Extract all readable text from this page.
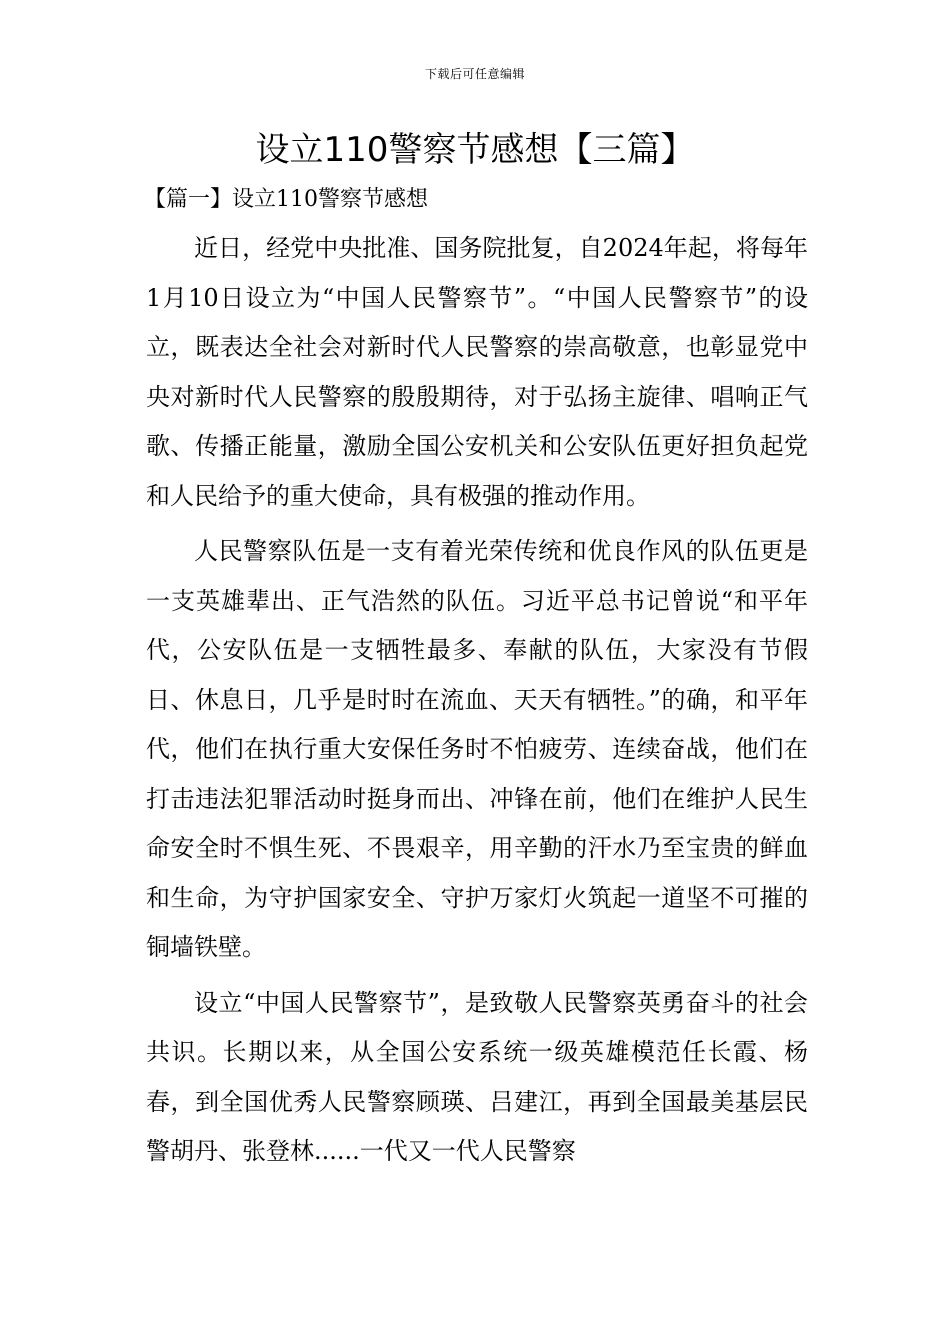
下载后可任意编辑
设立110警察节感想【三篇】
【篇一】设立110警察节感想

近日，经党中央批准、国务院批复，自2024年起，将每年1月10日设立为“中国人民警察节”。“中国人民警察节”的设立，既表达全社会对新时代人民警察的崇高敬意，也彰显党中央对新时代人民警察的殷殷期待，对于弘扬主旋律、唱响正气歌、传播正能量，激励全国公安机关和公安队伍更好担负起党和人民给予的重大使命，具有极强的推动作用。

人民警察队伍是一支有着光荣传统和优良作风的队伍更是一支英雄辈出、正气浩然的队伍。习近平总书记曾说“和平年代，公安队伍是一支牺牲最多、奉献的队伍，大家没有节假日、休息日，几乎是时时在流血、天天有牺牲。”的确，和平年代，他们在执行重大安保任务时不怕疲劳、连续奋战，他们在打击违法犯罪活动时挺身而出、冲锋在前，他们在维护人民生命安全时不惧生死、不畏艰辛，用辛勤的汗水乃至宝贵的鲜血和生命，为守护国家安全、守护万家灯火筑起一道坚不可摧的铜墙铁壁。

设立“中国人民警察节”，是致敬人民警察英勇奋斗的社会共识。长期以来，从全国公安系统一级英雄模范任长霞、杨春，到全国优秀人民警察顾瑛、吕建江，再到全国最美基层民警胡丹、张登林......一代又一代人民警察
